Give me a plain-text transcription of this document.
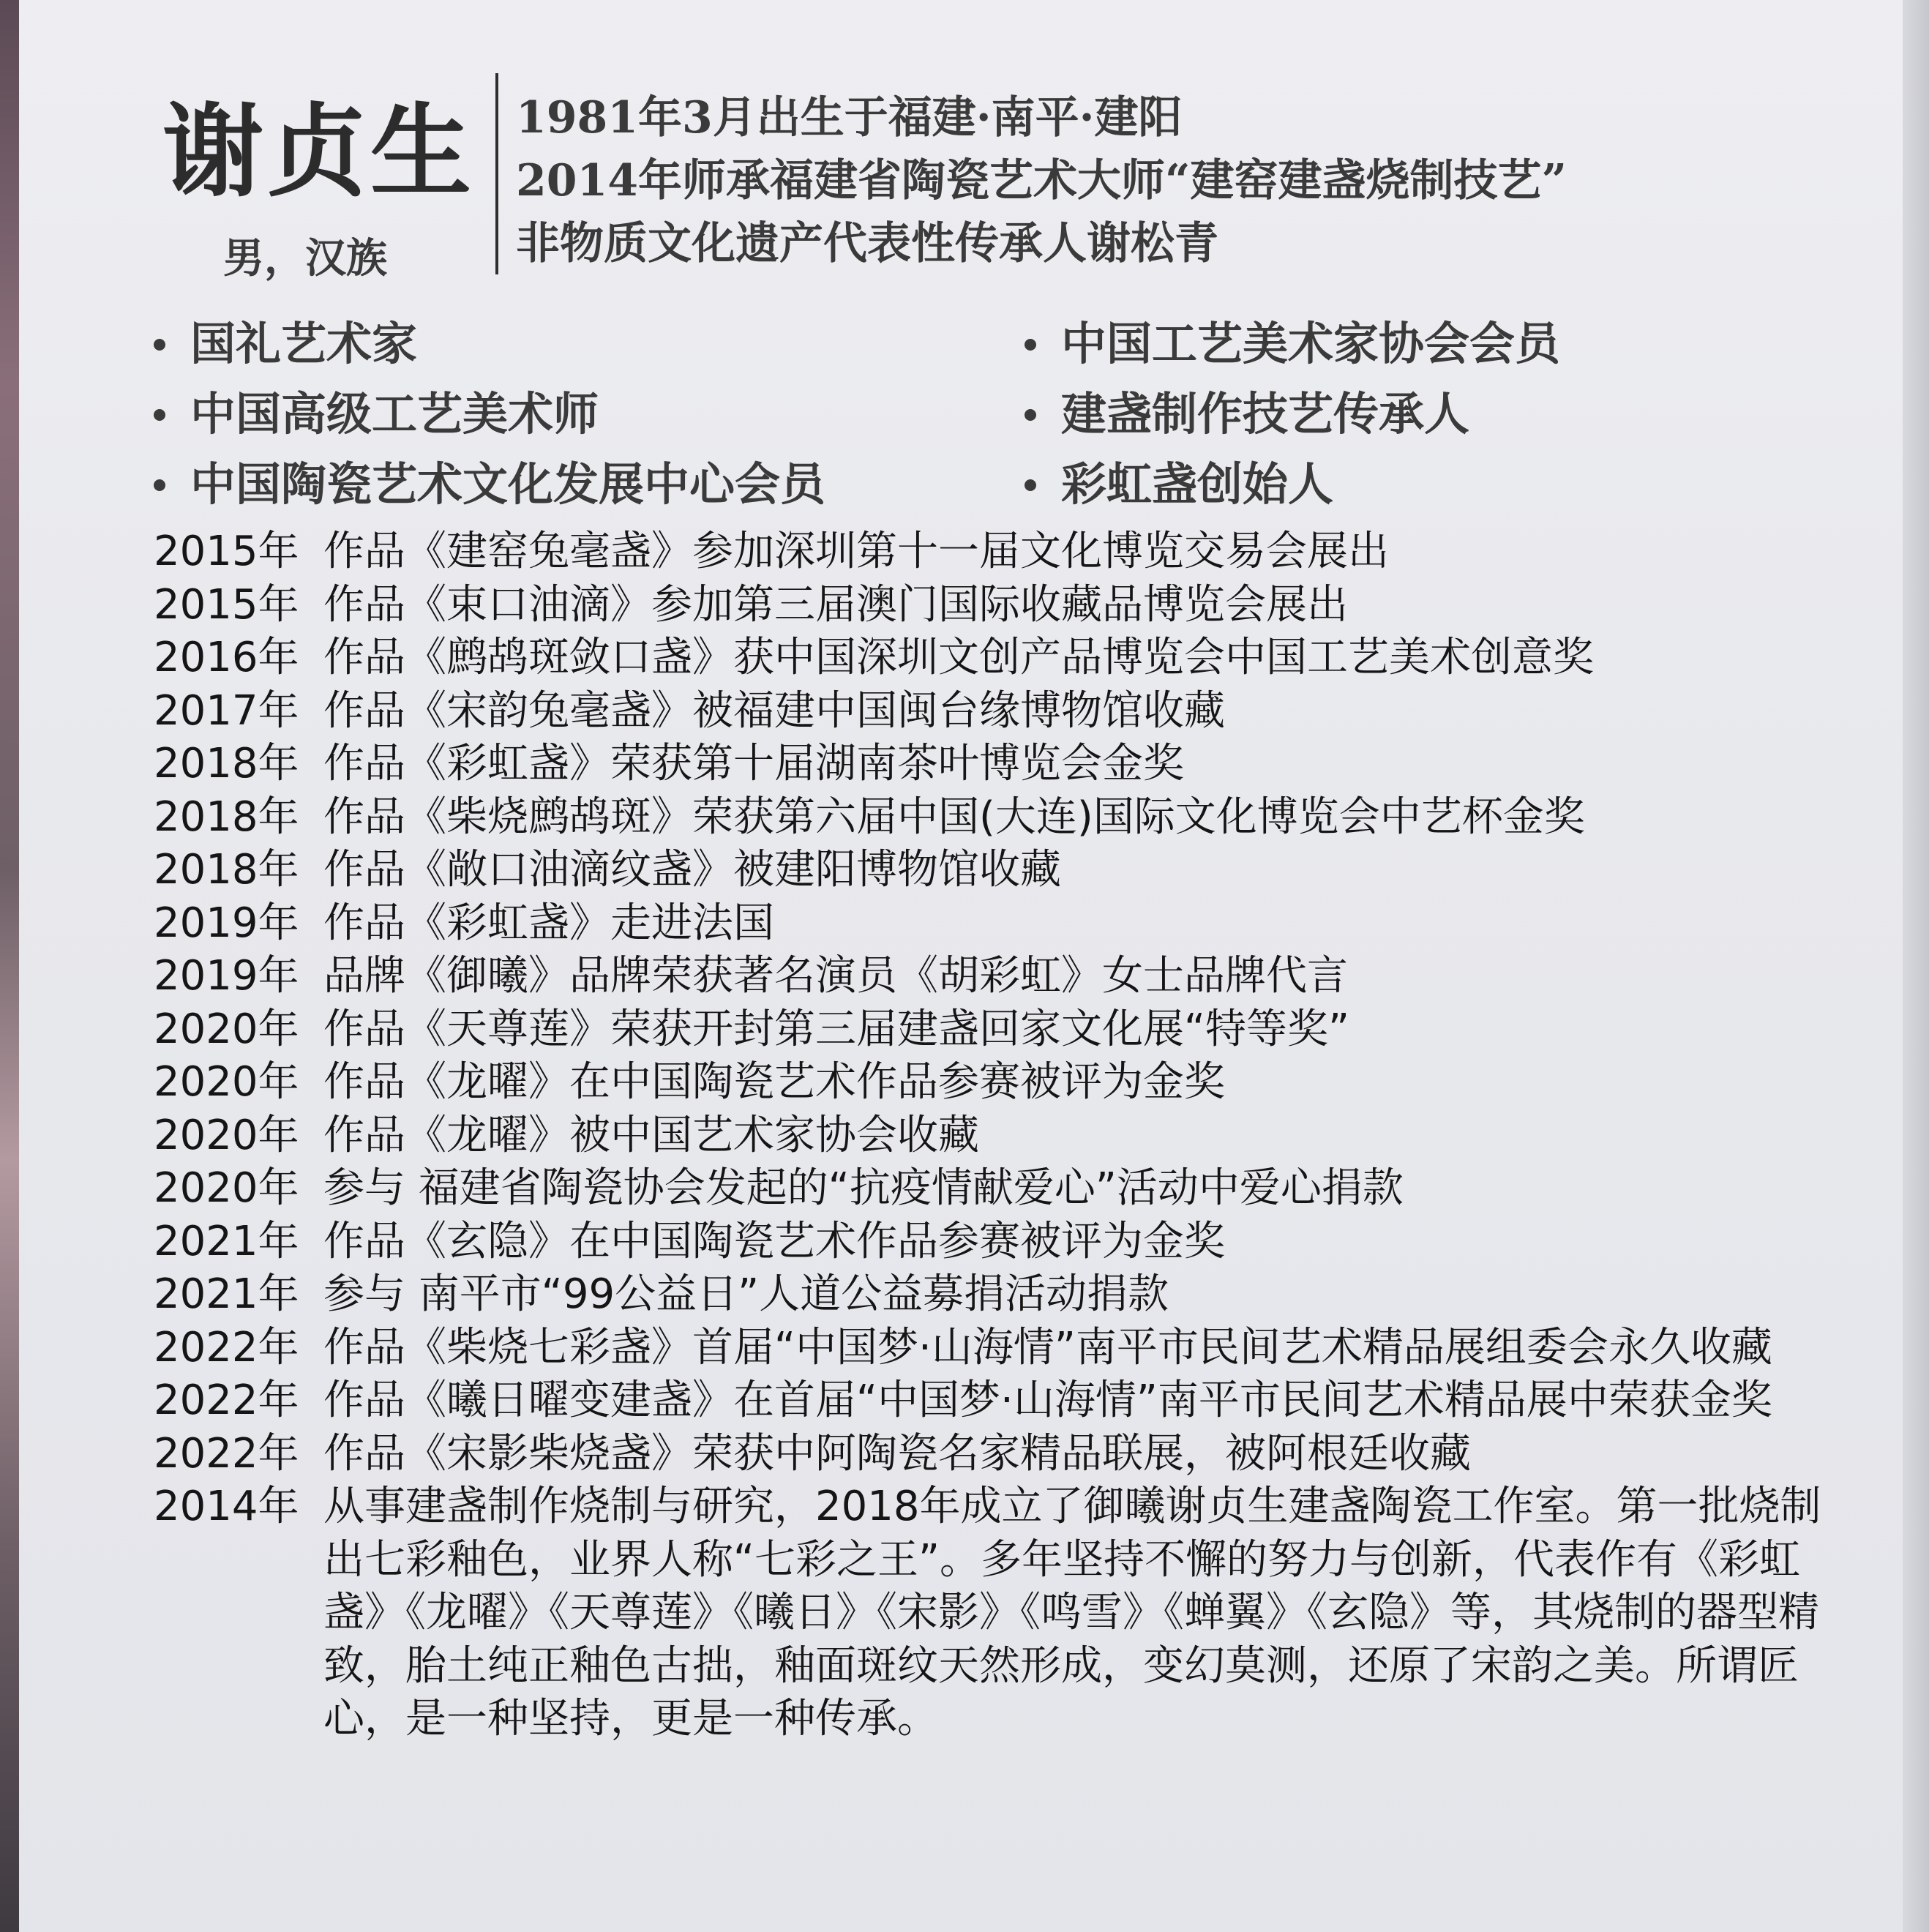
谢贞生
男，汉族
1981年3月出生于福建·南平·建阳
2014年师承福建省陶瓷艺术大师“建窑建盏烧制技艺”
非物质文化遗产代表性传承人谢松青
国礼艺术家
中国高级工艺美术师
中国陶瓷艺术文化发展中心会员
中国工艺美术家协会会员
建盏制作技艺传承人
彩虹盏创始人
2015年 作品《建窑兔毫盏》参加深圳第十一届文化博览交易会展出
2015年 作品《束口油滴》参加第三届澳门国际收藏品博览会展出
2016年 作品《鹧鸪斑敛口盏》获中国深圳文创产品博览会中国工艺美术创意奖
2017年 作品《宋韵兔毫盏》被福建中国闽台缘博物馆收藏
2018年 作品《彩虹盏》荣获第十届湖南茶叶博览会金奖
2018年 作品《柴烧鹧鸪斑》荣获第六届中国(大连)国际文化博览会中艺杯金奖
2018年 作品《敞口油滴纹盏》被建阳博物馆收藏
2019年 作品《彩虹盏》走进法国
2019年 品牌《御曦》品牌荣获著名演员《胡彩虹》女士品牌代言
2020年 作品《天尊莲》荣获开封第三届建盏回家文化展“特等奖”
2020年 作品《龙曜》在中国陶瓷艺术作品参赛被评为金奖
2020年 作品《龙曜》被中国艺术家协会收藏
2020年 参与 福建省陶瓷协会发起的“抗疫情献爱心”活动中爱心捐款
2021年 作品《玄隐》在中国陶瓷艺术作品参赛被评为金奖
2021年 参与 南平市“99公益日”人道公益募捐活动捐款
2022年 作品《柴烧七彩盏》首届“中国梦·山海情”南平市民间艺术精品展组委会永久收藏
2022年 作品《曦日曜变建盏》在首届“中国梦·山海情”南平市民间艺术精品展中荣获金奖
2022年 作品《宋影柴烧盏》荣获中阿陶瓷名家精品联展，被阿根廷收藏
2014年 从事建盏制作烧制与研究，2018年成立了御曦谢贞生建盏陶瓷工作室。第一批烧制出七彩釉色，业界人称“七彩之王”。多年坚持不懈的努力与创新，代表作有《彩虹盏》《龙曜》《天尊莲》《曦日》《宋影》《鸣雪》《蝉翼》《玄隐》等，其烧制的器型精致，胎土纯正釉色古拙，釉面斑纹天然形成，变幻莫测，还原了宋韵之美。所谓匠心，是一种坚持，更是一种传承。
